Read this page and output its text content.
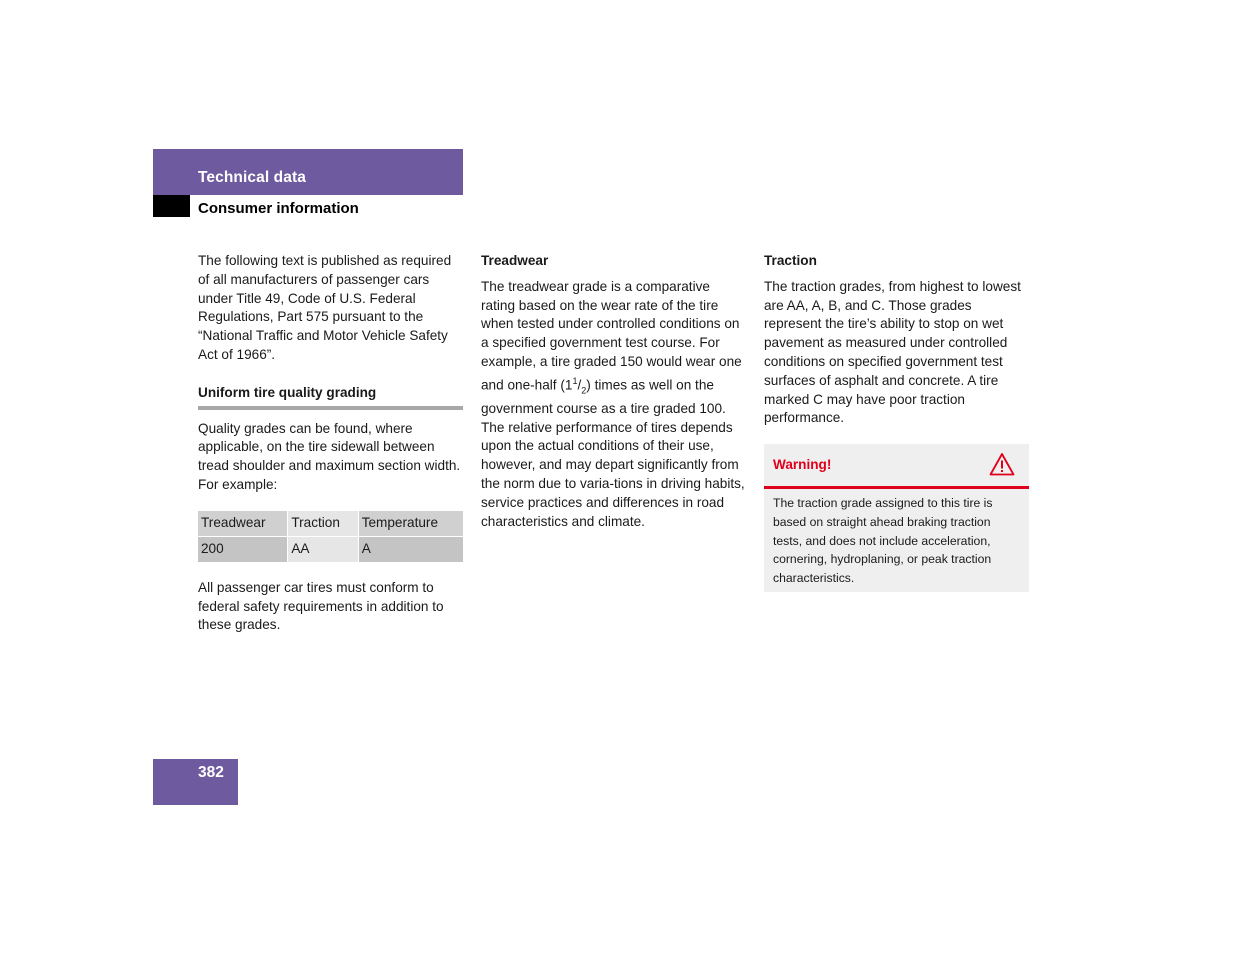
Technical data
Consumer information

The following text is published as required of all manufacturers of passenger cars under Title 49, Code of U.S. Federal Regulations, Part 575 pursuant to the “National Traffic and Motor Vehicle Safety Act of 1966”.

Uniform tire quality grading

Quality grades can be found, where applicable, on the tire sidewall between tread shoulder and maximum section width. For example:

Treadwear	Traction	Temperature
200	AA	A

All passenger car tires must conform to federal safety requirements in addition to these grades.

Treadwear

The treadwear grade is a comparative rating based on the wear rate of the tire when tested under controlled conditions on a specified government test course. For example, a tire graded 150 would wear one and one-half $(1^1/_2)$ times as well on the government course as a tire graded 100. The relative performance of tires depends upon the actual conditions of their use, however, and may depart significantly from the norm due to varia-tions in driving habits, service practices and differences in road characteristics and climate.

Traction

The traction grades, from highest to lowest are AA, A, B, and C. Those grades represent the tire’s ability to stop on wet pavement as measured under controlled conditions on specified government test surfaces of asphalt and concrete. A tire marked C may have poor traction performance.

Warning!
The traction grade assigned to this tire is based on straight ahead braking traction tests, and does not include acceleration, cornering, hydroplaning, or peak traction characteristics.
382
